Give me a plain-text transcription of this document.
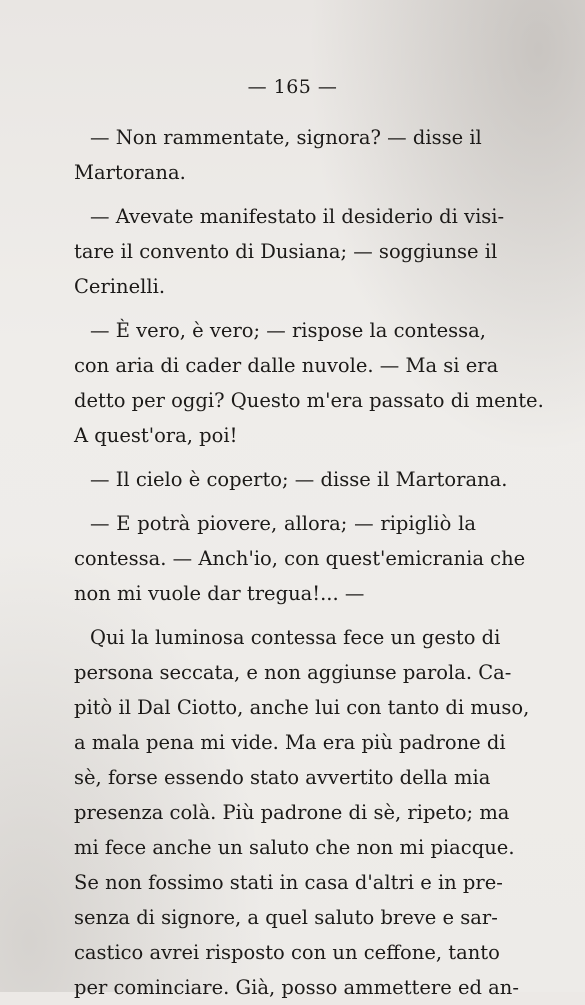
— 165 —
— Non rammentate, signora? — disse il
Martorana.
— Avevate manifestato il desiderio di visi-
tare il convento di Dusiana; — soggiunse il
Cerinelli.
— È vero, è vero; — rispose la contessa,
con aria di cader dalle nuvole. — Ma si era
detto per oggi? Questo m'era passato di mente.
A quest'ora, poi!
— Il cielo è coperto; — disse il Martorana.
— E potrà piovere, allora; — ripigliò la
contessa. — Anch'io, con quest'emicrania che
non mi vuole dar tregua!... —
Qui la luminosa contessa fece un gesto di
persona seccata, e non aggiunse parola. Ca-
pitò il Dal Ciotto, anche lui con tanto di muso,
a mala pena mi vide. Ma era più padrone di
sè, forse essendo stato avvertito della mia
presenza colà. Più padrone di sè, ripeto; ma
mi fece anche un saluto che non mi piacque.
Se non fossimo stati in casa d'altri e in pre-
senza di signore, a quel saluto breve e sar-
castico avrei risposto con un ceffone, tanto
per cominciare. Già, posso ammettere ed an-
